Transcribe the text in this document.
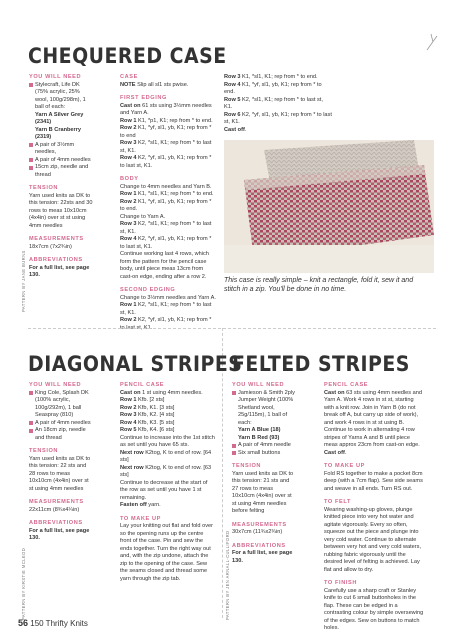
CHEQUERED CASE
YOU WILL NEED
Stylecraft, Life DK (75% acrylic, 25% wool, 100g/298m), 1 ball of each:
Yarn A Silver Grey (2341)
Yarn B Cranberry (2319)
A pair of 3½mm needles,
A pair of 4mm needles
15cm zip, needle and thread
TENSION
Yarn used knits as DK to this tension: 22sts and 30 rows to meas 10x10cm (4x4in) over st st using 4mm needles
MEASUREMENTS
18x7cm (7x2¾in)
ABBREVIATIONS
For a full list, see page 130.
PATTERN BY JANE BURNS
CASE
NOTE Slip all sl1 sts pwise.
FIRST EDGING
Cast on 61 sts using 3½mm needles and Yarn A.
Row 1 K1, *p1, K1; rep from * to end.
Row 2 K1, *yf, sl1, yb, K1; rep from * to end
Row 3 K2, *sl1, K1; rep from * to last st, K1.
Row 4 K2, *yf, sl1, yb, K1; rep from * to last st, K1.
BODY
Change to 4mm needles and Yarn B.
Row 1 K1, *sl1, K1; rep from * to end.
Row 2 K1, *yf, sl1, yb, K1; rep from * to end.
Change to Yarn A.
Row 3 K2, *sl1, K1; rep from * to last st, K1.
Row 4 K2, *yf, sl1, yb, K1; rep from * to last st, K1.
Continue working last 4 rows, which form the pattern for the pencil case body, until piece meas 13cm from cast-on edge, ending after a row 2.
SECOND EDGING
Change to 3½mm needles and Yarn A.
Row 1 K2, *sl1, K1; rep from * to last st, K1.
Row 2 K2, *yf, sl1, yb, K1; rep from * to last st, K1.
Row 3 K1, *sl1, K1; rep from * to end.
Row 4 K1, *yf, sl1, yb, K1; rep from * to end.
Row 5 K2, *sl1, K1; rep from * to last st, K1.
Row 6 K2, *yf, sl1, yb, K1; rep from * to last st, K1.
Cast off.
This case is really simple – knit a rectangle, fold it, sew it and stitch in a zip. You'll be done in no time.
DIAGONAL STRIPES
YOU WILL NEED
King Cole, Splash DK (100% acrylic, 100g/292m), 1 ball Seaspray (810)
A pair of 4mm needles
An 18cm zip, needle and thread
TENSION
Yarn used knits as DK to this tension: 22 sts and 28 rows to meas 10x10cm (4x4in) over st st using 4mm needles
MEASUREMENTS
22x11cm (8¾x4¼in)
ABBREVIATIONS
For a full list, see page 130.
PATTERN BY KIRSTIE MCLEOD
PENCIL CASE
Cast on 1 st using 4mm needles.
Row 1 Kfb. [2 sts]
Row 2 Kfb, K1. [3 sts]
Row 3 Kfb, K2. [4 sts]
Row 4 Kfb, K3. [5 sts]
Row 5 Kfb, K4. [6 sts]
Continue to increase into the 1st stitch as set until you have 65 sts.
Next row K2tog, K to end of row. [64 sts]
Next row K2tog, K to end of row. [63 sts]
Continue to decrease at the start of the row as set until you have 1 st remaining.
Fasten off yarn.
TO MAKE UP
Lay your knitting out flat and fold over so the opening runs up the centre front of the case. Pin and sew the ends together. Turn the right way out and, with the zip undone, attach the zip to the opening of the case. Sew the seams closed and thread some yarn through the zip tab.
FELTED STRIPES
YOU WILL NEED
Jamieson & Smith 2ply Jumper Weight (100% Shetland wool, 25g/115m), 1 ball of each:
Yarn A Blue (18)
Yarn B Red (93)
A pair of 4mm needle
Six small buttons
TENSION
Yarn used knits as DK to this tension: 21 sts and 27 rows to meas 10x10cm (4x4in) over st st using 4mm needles before felting
MEASUREMENTS
30x7cm (11¾x2¾in)
ABBREVIATIONS
For a full list, see page 130.
PATTERN BY JEN ARNALL-CULLIFORD
PENCIL CASE
Cast on 63 sts using 4mm needles and Yarn A. Work 4 rows in st st, starting with a knit row. Join in Yarn B (do not break off A, but carry up side of work), and work 4 rows in st st using B. Continue to work in alternating 4 row stripes of Yarns A and B until piece meas approx 23cm from cast-on edge. Cast off.
TO MAKE UP
Fold RS together to make a pocket 8cm deep (with a 7cm flap). Sew side seams and weave in all ends. Turn RS out.
TO FELT
Wearing washing-up gloves, plunge knitted piece into very hot water and agitate vigorously. Every so often, squeeze out the piece and plunge into very cold water. Continue to alternate between very hot and very cold waters, rubbing fabric vigorously until the desired level of felting is achieved. Lay flat and allow to dry.
TO FINISH
Carefully use a sharp craft or Stanley knife to cut 6 small buttonholes in the flap. These can be edged in a contrasting colour by simple oversewing of the edges. Sew on buttons to match holes.
56 150 Thrifty Knits
